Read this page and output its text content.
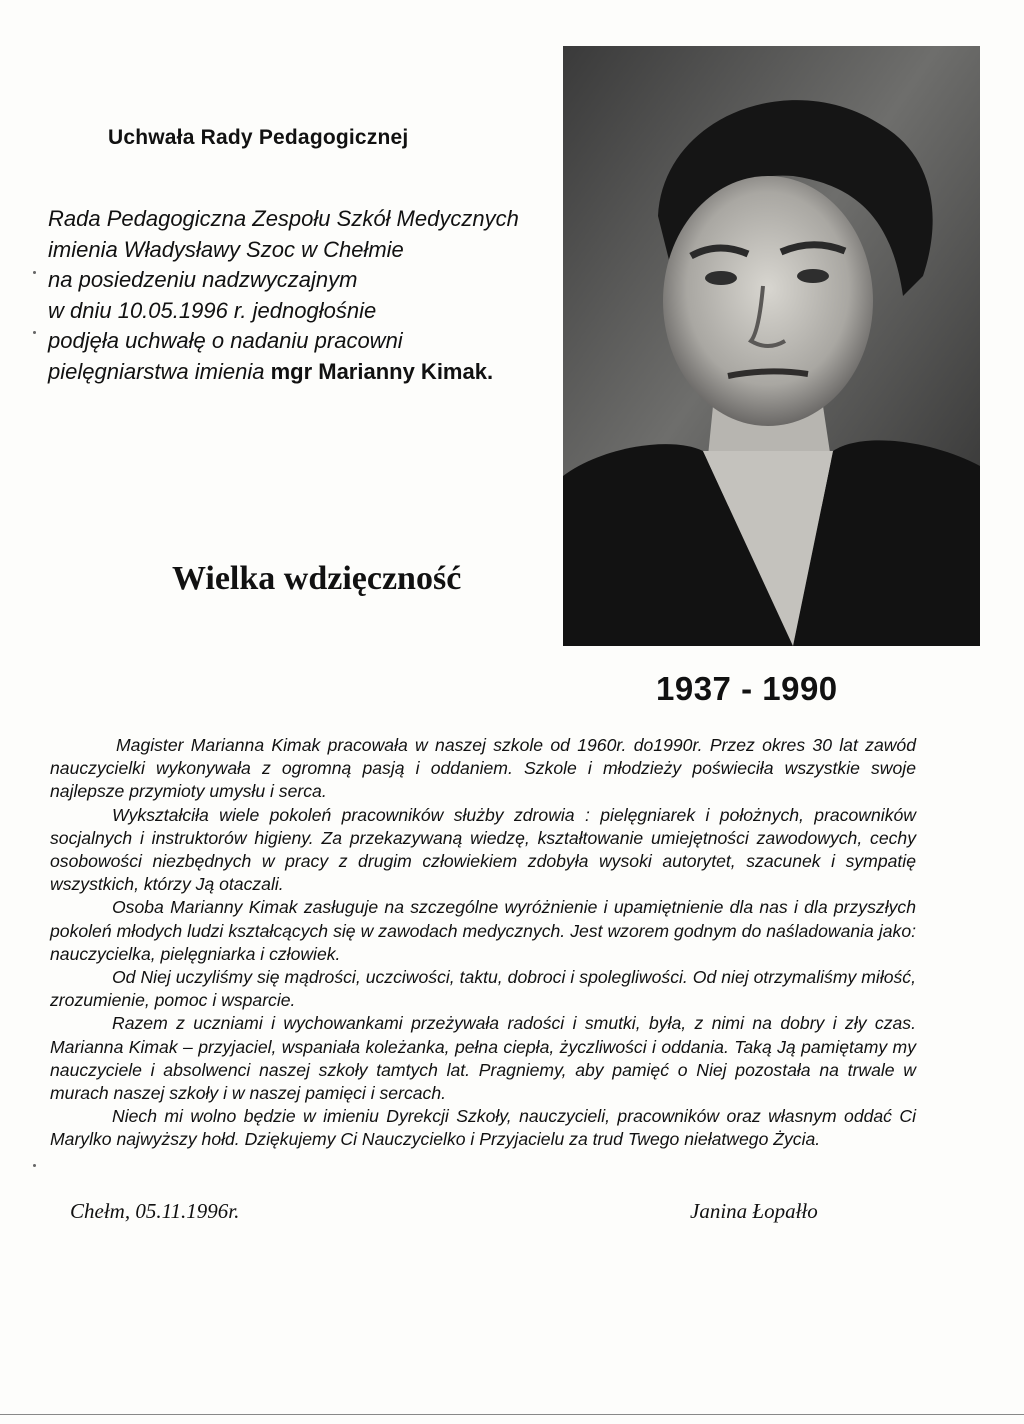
Uchwała Rady Pedagogicznej
Rada Pedagogiczna Zespołu Szkół Medycznych
imienia Władysławy Szoc w Chełmie
na posiedzeniu nadzwyczajnym
w dniu 10.05.1996 r. jednogłośnie
podjęła uchwałę o nadaniu pracowni
pielęgniarstwa imienia mgr Marianny Kimak.
Wielka wdzięczność
1937 - 1990

Magister Marianna Kimak pracowała w naszej szkole od 1960r. do1990r. Przez okres 30 lat zawód nauczycielki wykonywała z ogromną pasją i oddaniem. Szkole i młodzieży poświeciła wszystkie swoje najlepsze przymioty umysłu i serca.

Wykształciła wiele pokoleń pracowników służby zdrowia : pielęgniarek i położnych, pracowników socjalnych i instruktorów higieny. Za przekazywaną wiedzę, kształtowanie umiejętności zawodowych, cechy osobowości niezbędnych w pracy z drugim człowiekiem zdobyła wysoki autorytet, szacunek i sympatię wszystkich, którzy Ją otaczali.

Osoba Marianny Kimak zasługuje na szczególne wyróżnienie i upamiętnienie dla nas i dla przyszłych pokoleń młodych ludzi kształcących się w zawodach medycznych. Jest wzorem godnym do naśladowania jako: nauczycielka, pielęgniarka i człowiek.

Od Niej uczyliśmy się mądrości, uczciwości, taktu, dobroci i spolegliwości. Od niej otrzymaliśmy miłość, zrozumienie, pomoc i wsparcie.

Razem z uczniami i wychowankami przeżywała radości i smutki, była, z nimi na dobry i zły czas. Marianna Kimak – przyjaciel, wspaniała koleżanka, pełna ciepła, życzliwości i oddania. Taką Ją pamiętamy my nauczyciele i absolwenci naszej szkoły tamtych lat. Pragniemy, aby pamięć o Niej pozostała na trwale w murach naszej szkoły i w naszej pamięci i sercach.

Niech mi wolno będzie w imieniu Dyrekcji Szkoły, nauczycieli, pracowników oraz własnym oddać Ci Marylko najwyższy hołd. Dziękujemy Ci Nauczycielko i Przyjacielu za trud Twego niełatwego Życia.

Chełm, 05.11.1996r.	Janina Łopałło
